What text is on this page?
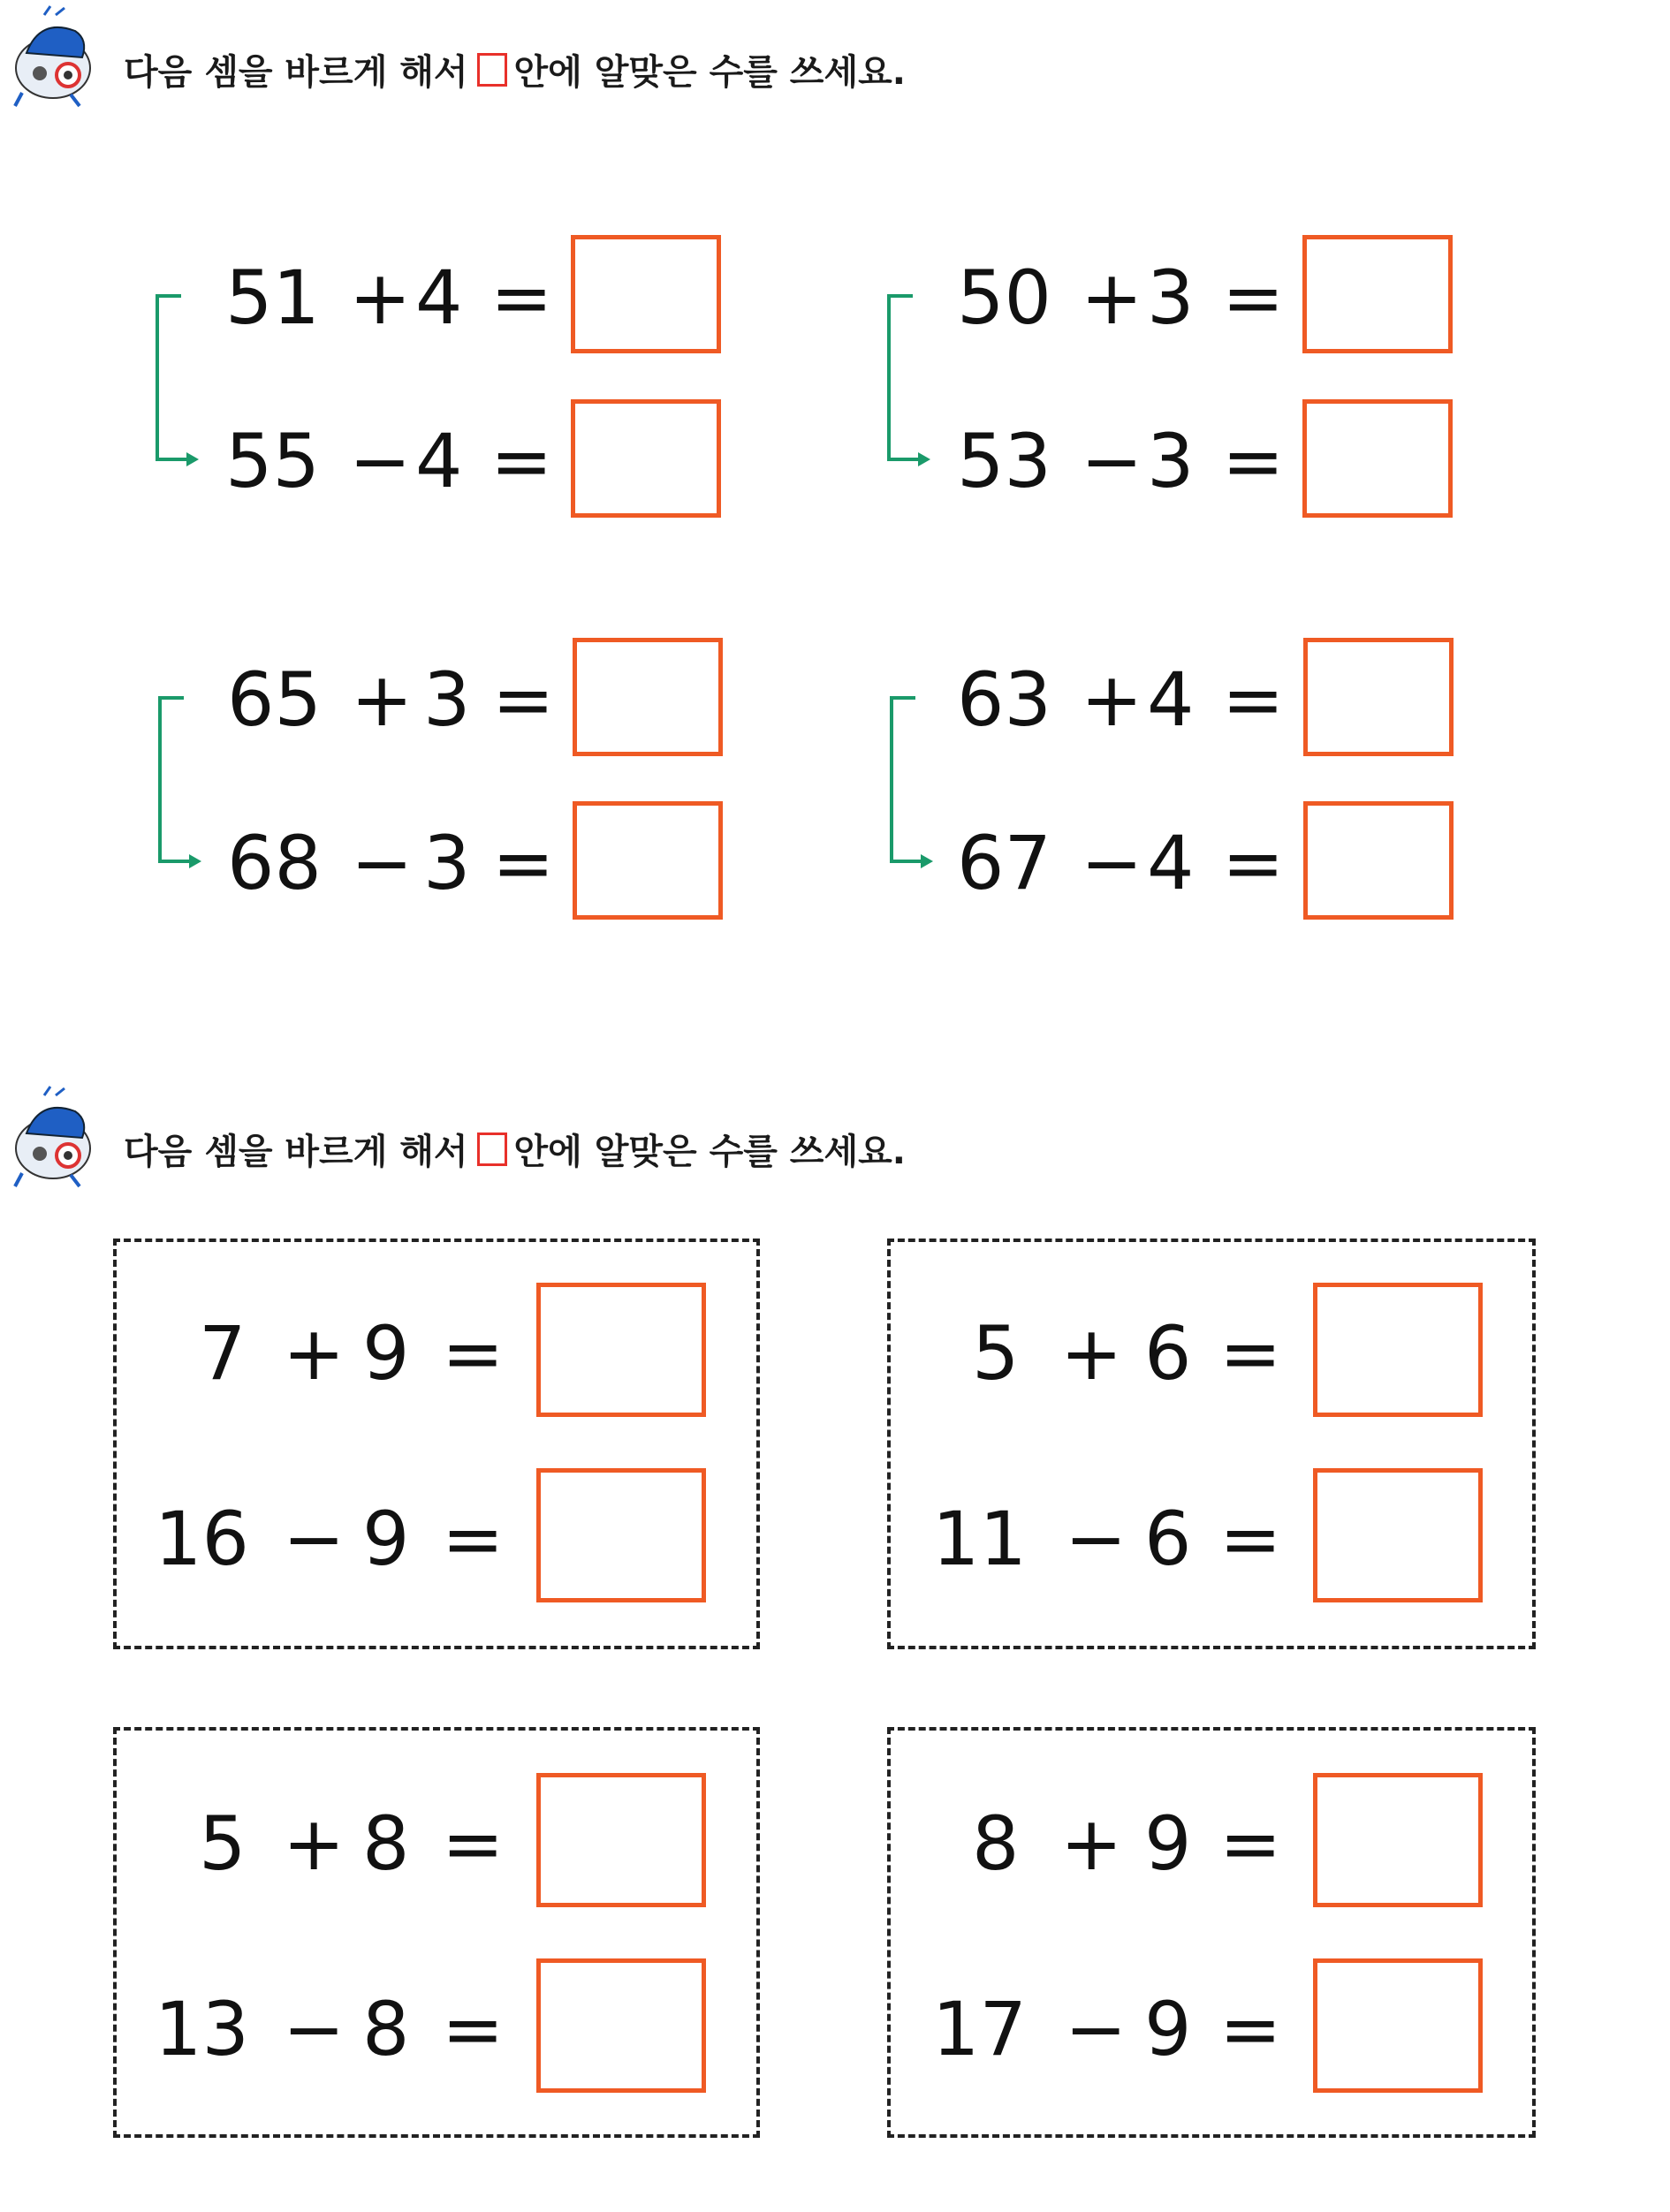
다음 셈을 바르게 해서 안에 알맞은 수를 쓰세요.
51 + 4 =
55 − 4 =
50 + 3 =
53 − 3 =
65 + 3 =
68 − 3 =
63 + 4 =
67 − 4 =
다음 셈을 바르게 해서 안에 알맞은 수를 쓰세요.
7 + 9 =
16 − 9 =
5 + 6 =
11 − 6 =
5 + 8 =
13 − 8 =
8 + 9 =
17 − 9 =
